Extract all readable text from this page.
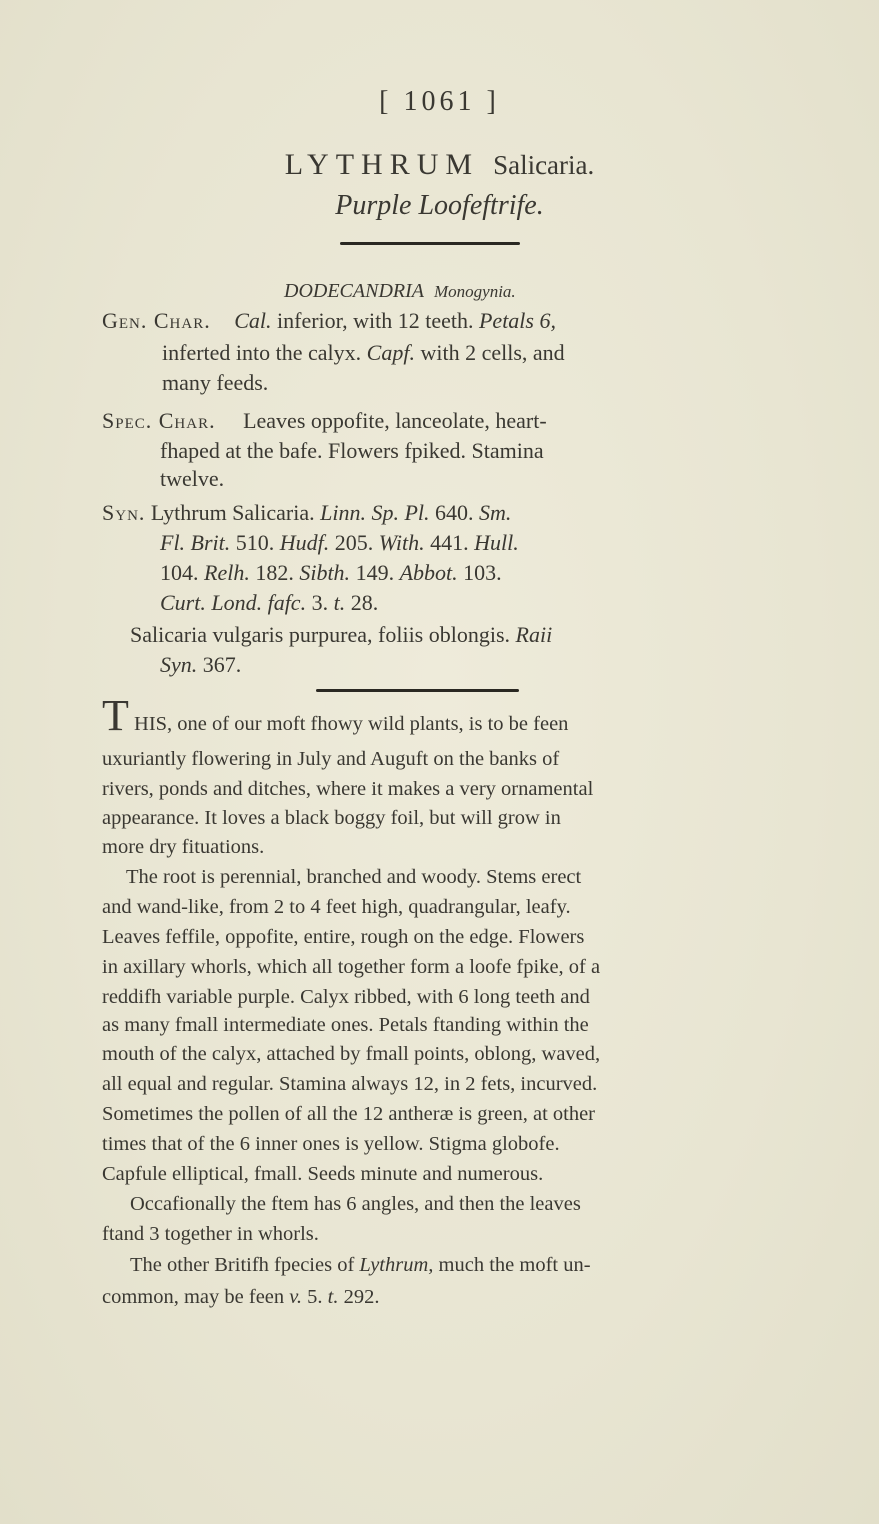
[ 1061 ]
LYTHRUM Salicaria.
Purple Loofeftrife.
DODECANDRIA Monogynia.
Gen. Char. Cal. inferior, with 12 teeth. Petals 6,
inferted into the calyx. Capf. with 2 cells, and
many feeds.
Spec. Char. Leaves oppofite, lanceolate, heart-
fhaped at the bafe. Flowers fpiked. Stamina
twelve.
Syn. Lythrum Salicaria. Linn. Sp. Pl. 640. Sm.
Fl. Brit. 510. Hudf. 205. With. 441. Hull.
104. Relh. 182. Sibth. 149. Abbot. 103.
Curt. Lond. fafc. 3. t. 28.
Salicaria vulgaris purpurea, foliis oblongis. Raii
Syn. 367.
T HIS, one of our moft fhowy wild plants, is to be feen
uxuriantly flowering in July and Auguft on the banks of
rivers, ponds and ditches, where it makes a very ornamental
appearance. It loves a black boggy foil, but will grow in
more dry fituations.
The root is perennial, branched and woody. Stems erect
and wand-like, from 2 to 4 feet high, quadrangular, leafy.
Leaves feffile, oppofite, entire, rough on the edge. Flowers
in axillary whorls, which all together form a loofe fpike, of a
reddifh variable purple. Calyx ribbed, with 6 long teeth and
as many fmall intermediate ones. Petals ftanding within the
mouth of the calyx, attached by fmall points, oblong, waved,
all equal and regular. Stamina always 12, in 2 fets, incurved.
Sometimes the pollen of all the 12 antheræ is green, at other
times that of the 6 inner ones is yellow. Stigma globofe.
Capfule elliptical, fmall. Seeds minute and numerous.
Occafionally the ftem has 6 angles, and then the leaves
ftand 3 together in whorls.
The other Britifh fpecies of Lythrum, much the moft un-
common, may be feen v. 5. t. 292.
